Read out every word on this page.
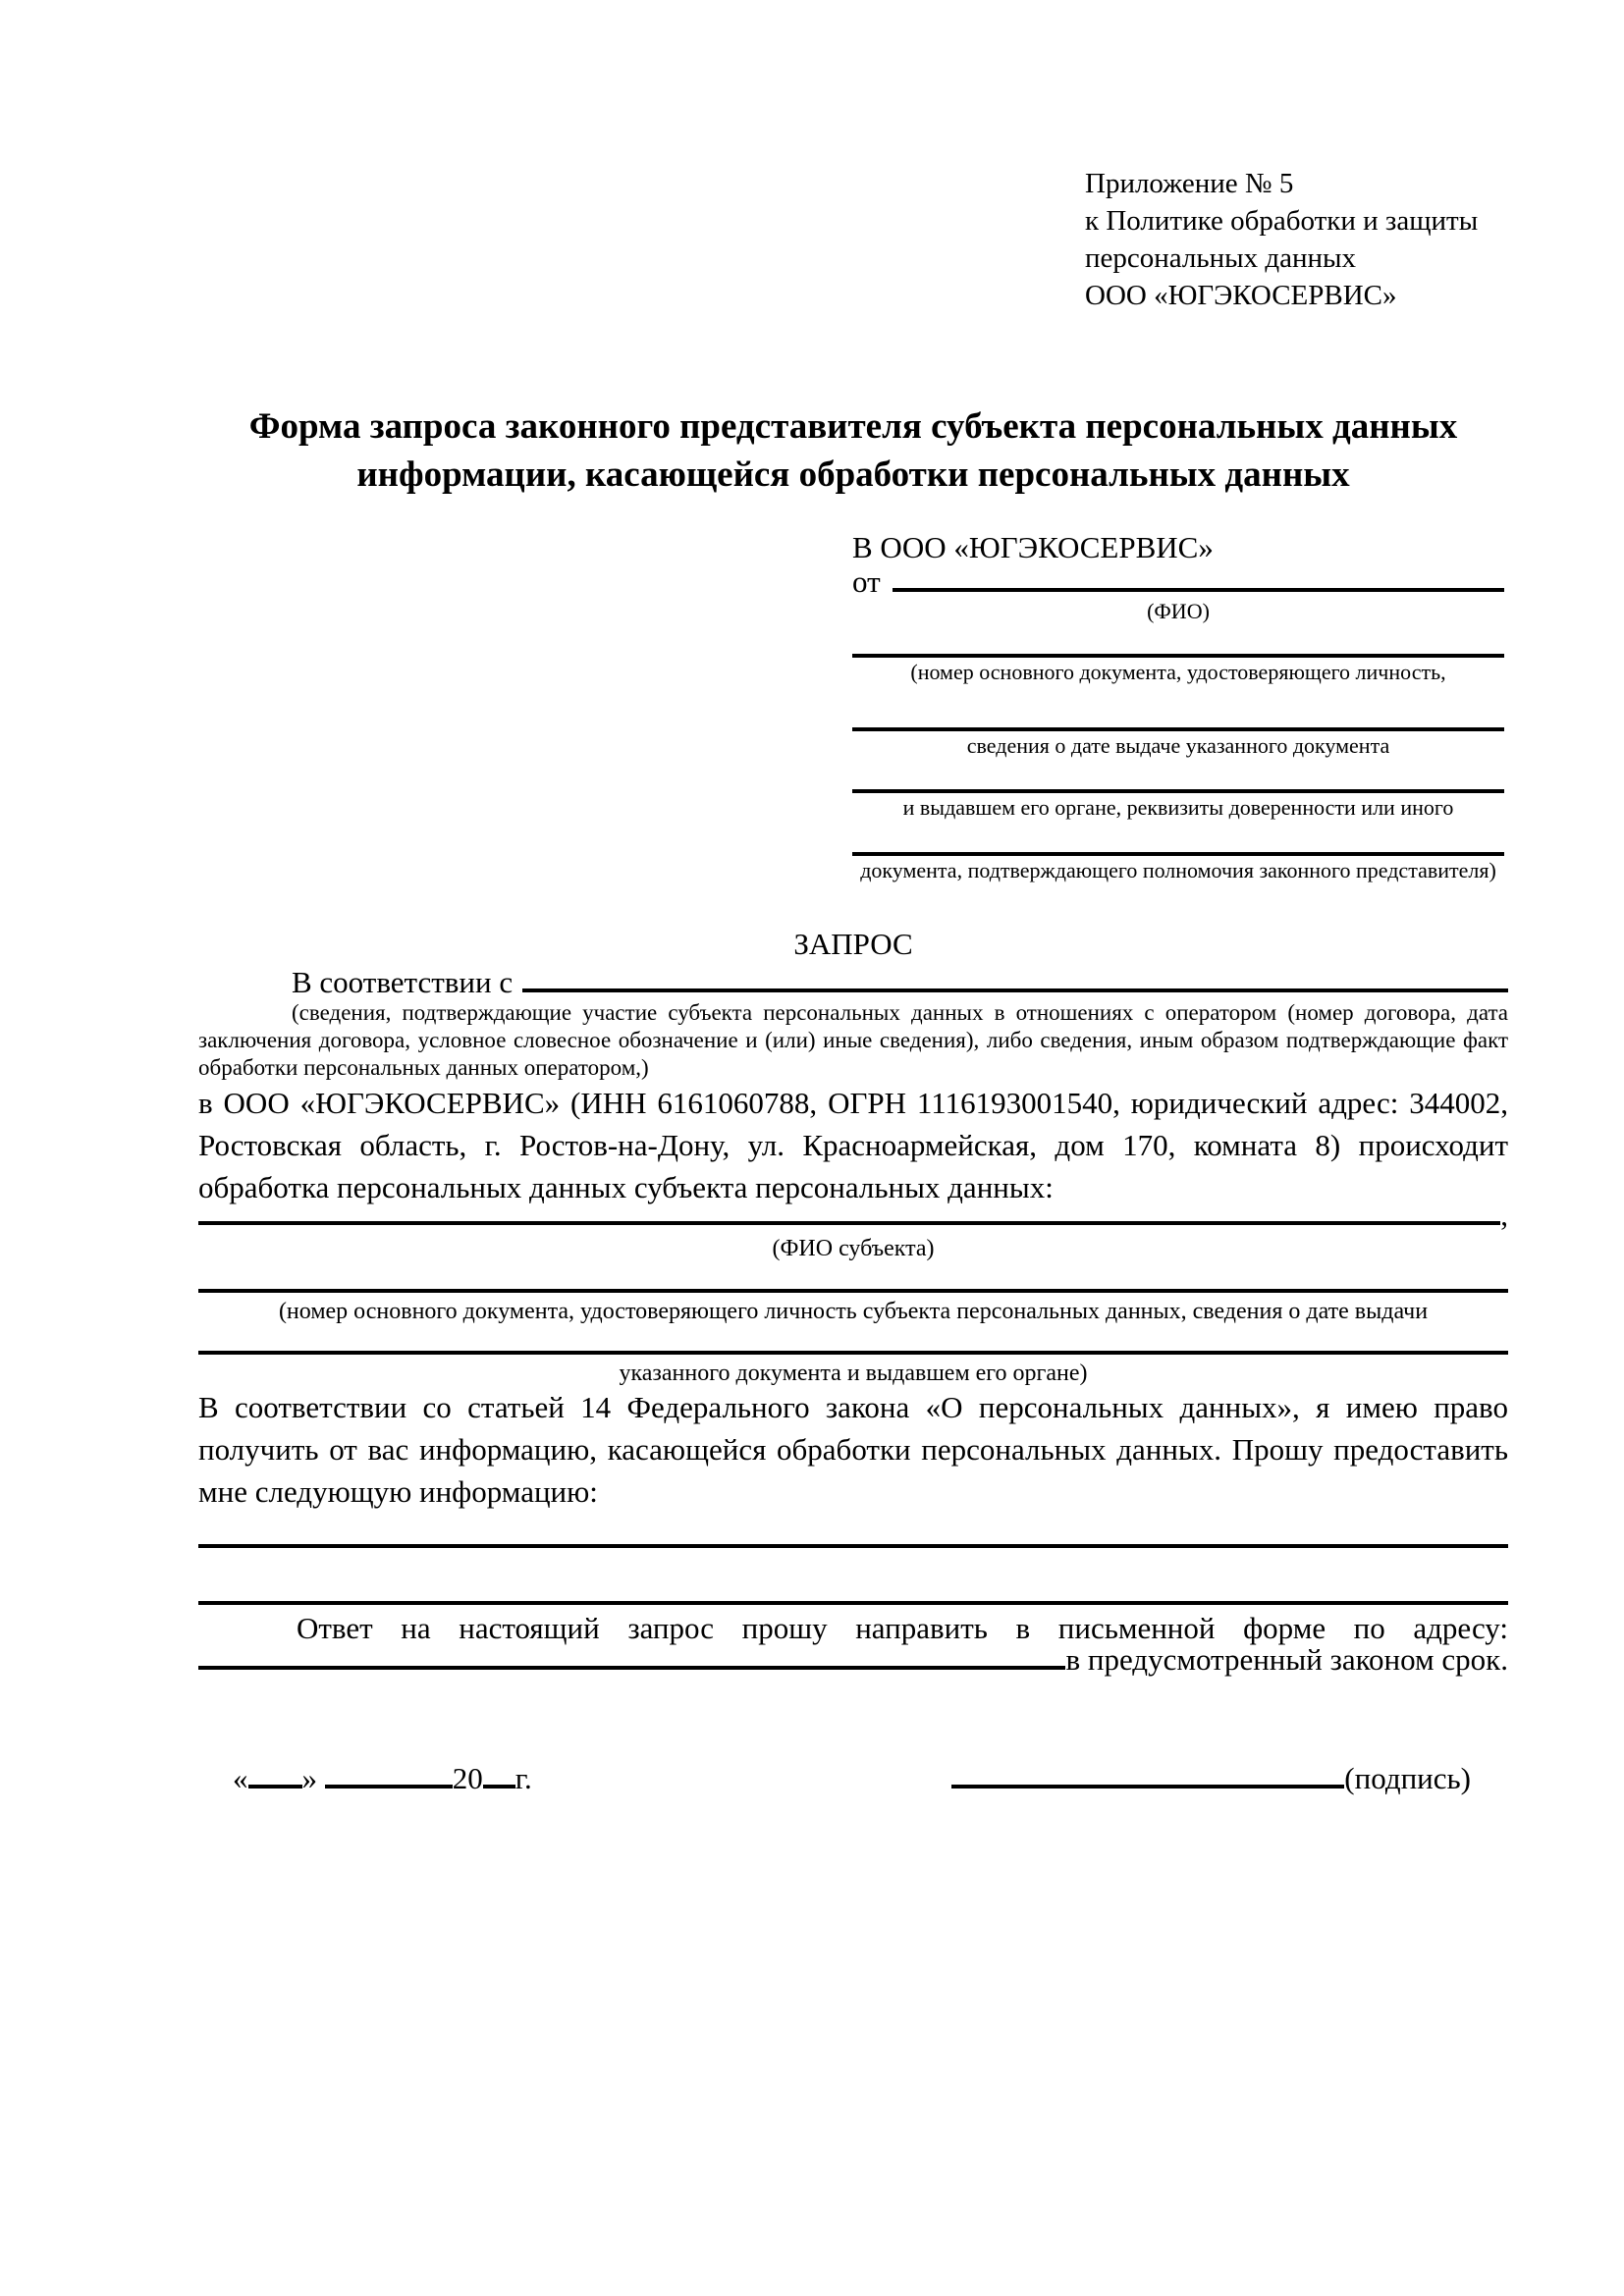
Приложение № 5
к Политике обработки и защиты
персональных данных
ООО «ЮГЭКОСЕРВИС»
Форма запроса законного представителя субъекта персональных данных
информации, касающейся обработки персональных данных
В ООО «ЮГЭКОСЕРВИС»
от
(ФИО)
(номер основного документа, удостоверяющего личность,
сведения о дате выдаче указанного документа
и выдавшем его органе, реквизиты доверенности или иного
документа, подтверждающего полномочия законного представителя)
ЗАПРОС
В соответствии с
(сведения, подтверждающие участие субъекта персональных данных в отношениях с оператором (номер договора, дата заключения договора, условное словесное обозначение и (или) иные сведения), либо сведения, иным образом подтверждающие факт обработки персональных данных оператором,)
в ООО «ЮГЭКОСЕРВИС» (ИНН 6161060788, ОГРН 1116193001540, юридический адрес: 344002, Ростовская область, г. Ростов-на-Дону, ул. Красноармейская, дом 170, комната 8) происходит обработка персональных данных субъекта персональных данных:
,
(ФИО субъекта)
(номер основного документа, удостоверяющего личность субъекта персональных данных, сведения о дате выдачи
указанного документа и выдавшем его органе)
В соответствии со статьей 14 Федерального закона «О персональных данных», я имею право получить от вас информацию, касающейся обработки персональных данных. Прошу предоставить мне следующую информацию:
Ответ на настоящий запрос прошу направить в письменной форме по адресу:
в предусмотренный законом срок.
« »	20 г.	(подпись)
